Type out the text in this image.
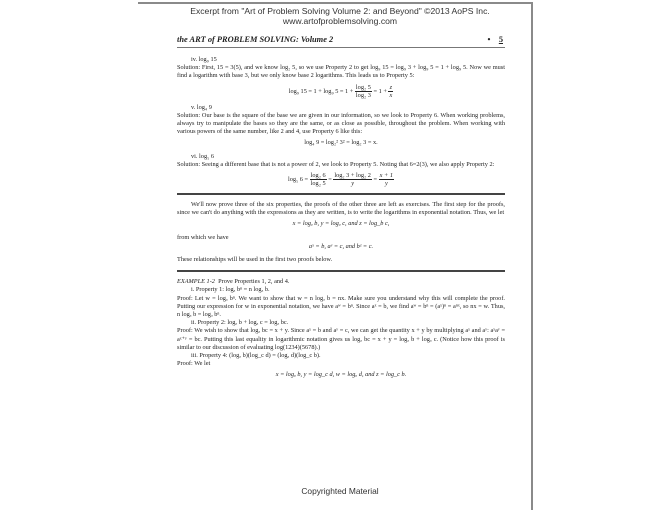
Excerpt from "Art of Problem Solving Volume 2: and Beyond" ©2013 AoPS Inc.
www.artofproblemsolving.com
the ART of PROBLEM SOLVING: Volume 2	• 5

iv. log₉ 15

Solution: First, 15 = 3(5), and we know log₂ 5, so we use Property 2 to get log₉ 15 = log₉ 3 + log₉ 5 = 1 + log₉ 5. Now we must find a logarithm with base 3, but we only know base 2 logarithms. This leads us to Property 5:

log₉ 15 = 1 + log₉ $5 = 1 + \frac{\text{log₂ 5}}{\text{log₂ 3}} = 1 + \frac{z}{x}$

v. log₄ 9

Solution: Our base is the square of the base we are given in our information, so we look to Property 6. When working problems, always try to manipulate the bases so they are the same, or as close as possible, throughout the problem. When working with various powers of the same number, like 2 and 4, use Property 6 like this:

log₄ 9 = log₂² 3² = log₂ 3 = x.

vi. log₅ 6

Solution: Seeing a different base that is not a power of 2, we look to Property 5. Noting that 6=2(3), we also apply Property 2:

log₅ $6 = \frac{\text{log₂ 6}}{\text{log₂ 5}} = \frac{\text{log₂ 3 + log₂ 2}}{y} = \frac{x + 1}{y}$

We'll now prove three of the six properties, the proofs of the other three are left as exercises. The first step for the proofs, since we can't do anything with the expressions as they are written, is to write the logarithms in exponential notation. Thus, we let

x = logₐ b, y = logₐ c, and z = log_b c,

from which we have

aˣ = b, aʸ = c, and bᶻ = c.

These relationships will be used in the first two proofs below.

EXAMPLE 1-2 Prove Properties 1, 2, and 4.

i. Property 1: logₐ bⁿ = n logₐ b.

Proof: Let w = logₐ bⁿ. We want to show that w = n logₐ b = nx. Make sure you understand why this will complete the proof. Putting our expression for w in exponential notation, we have aʷ = bⁿ. Since aˣ = b, we find aʷ = bⁿ = (aˣ)ⁿ = aⁿˣ, so nx = w. Thus, n logₐ b = logₐ bⁿ.

ii. Property 2: logₐ b + logₐ c = logₐ bc.

Proof: We wish to show that logₐ bc = x + y. Since aˣ = b and aʸ = c, we can get the quantity x + y by multiplying aˣ and aʸ: aˣaʸ = aˣ⁺ʸ = bc. Putting this last equality in logarithmic notation gives us logₐ bc = x + y = logₐ b + logₐ c. (Notice how this proof is similar to our discussion of evaluating log(1234)(5678).)

iii. Property 4: (logₐ b)(log_c d) = (logₐ d)(log_c b).

Proof: We let

x = logₐ b, y = log_c d, w = logₐ d, and z = log_c b.
Copyrighted Material
